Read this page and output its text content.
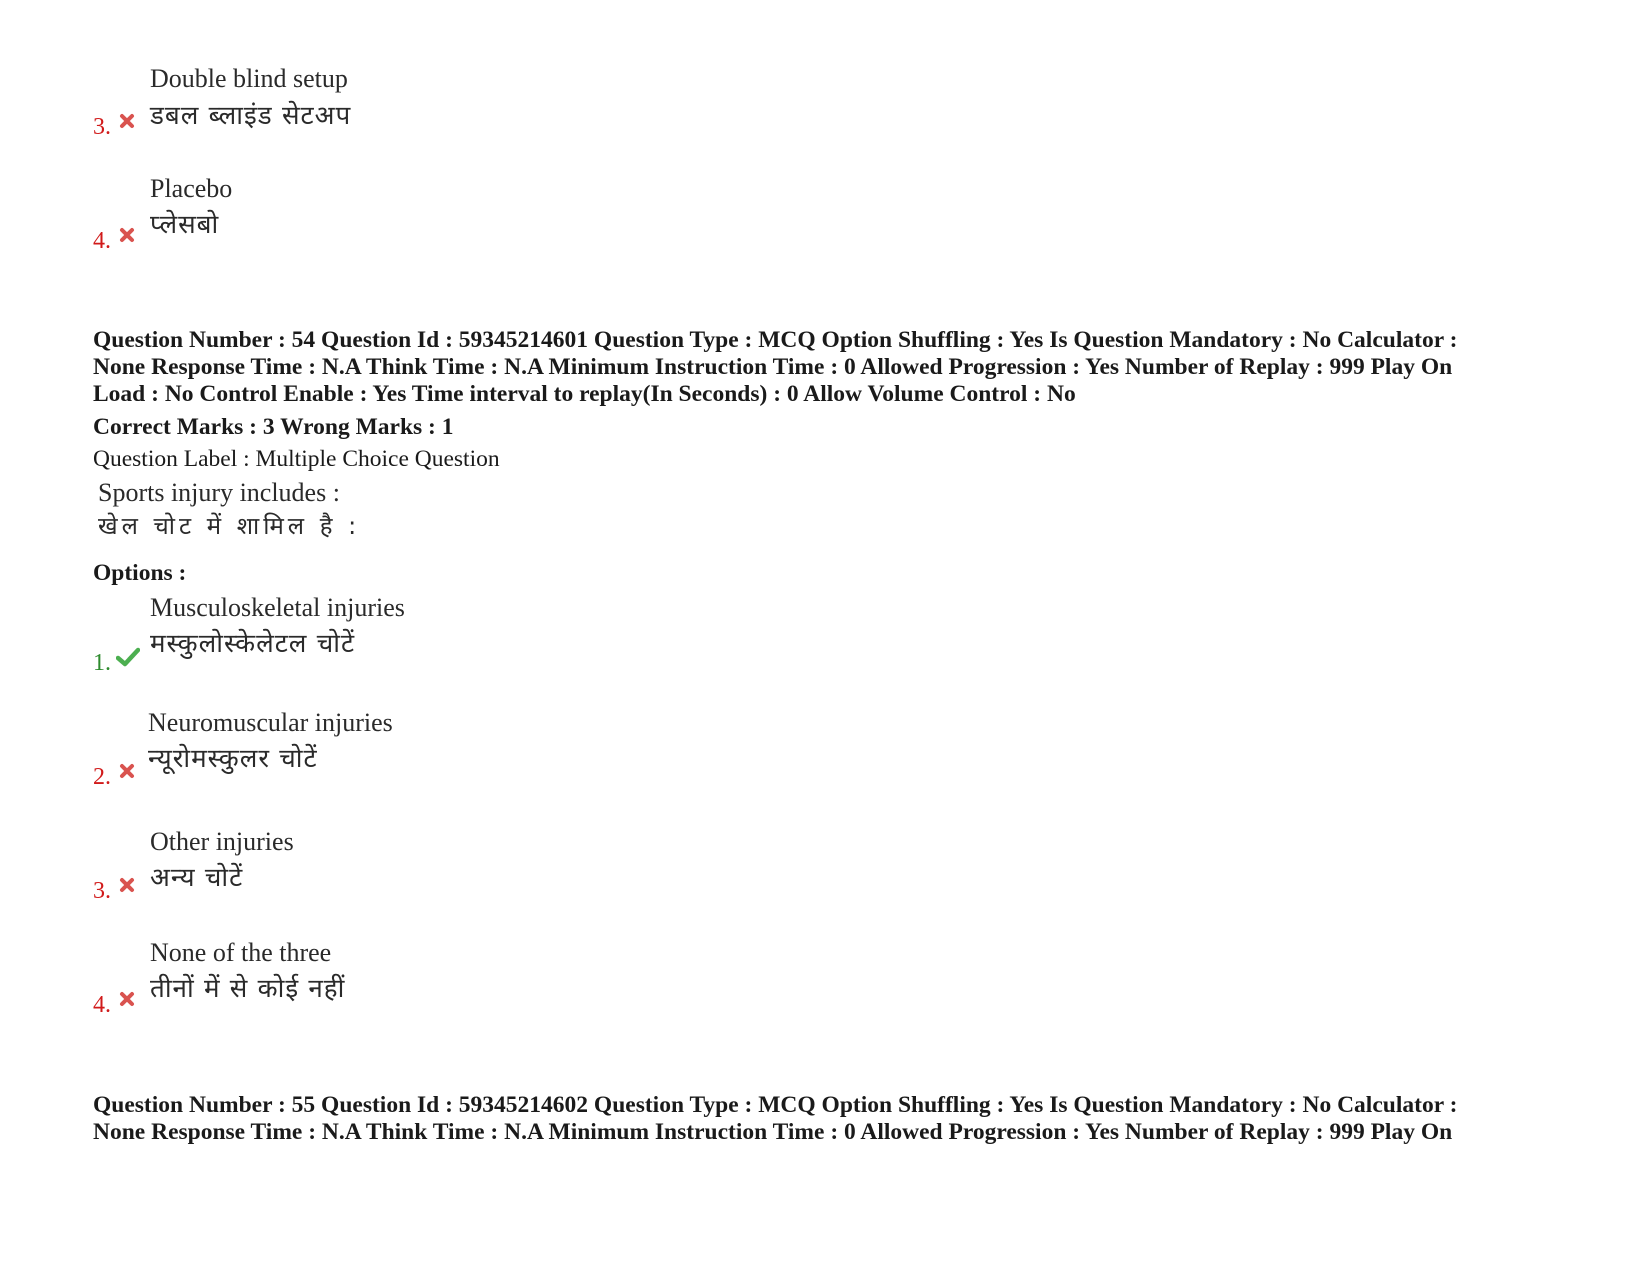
Double blind setup
डबल ब्लाइंड सेटअप
3.
Placebo
प्लेसबो
4.
Question Number : 54 Question Id : 59345214601 Question Type : MCQ Option Shuffling : Yes Is Question Mandatory : No Calculator :
None Response Time : N.A Think Time : N.A Minimum Instruction Time : 0 Allowed Progression : Yes Number of Replay : 999 Play On
Load : No Control Enable : Yes Time interval to replay(In Seconds) : 0 Allow Volume Control : No
Correct Marks : 3 Wrong Marks : 1
Question Label : Multiple Choice Question
Sports injury includes :
खेल चोट में शामिल है :
Options :
Musculoskeletal injuries
मस्कुलोस्केलेटल चोटें
1.
Neuromuscular injuries
न्यूरोमस्कुलर चोटें
2.
Other injuries
अन्य चोटें
3.
None of the three
तीनों में से कोई नहीं
4.
Question Number : 55 Question Id : 59345214602 Question Type : MCQ Option Shuffling : Yes Is Question Mandatory : No Calculator :
None Response Time : N.A Think Time : N.A Minimum Instruction Time : 0 Allowed Progression : Yes Number of Replay : 999 Play On
